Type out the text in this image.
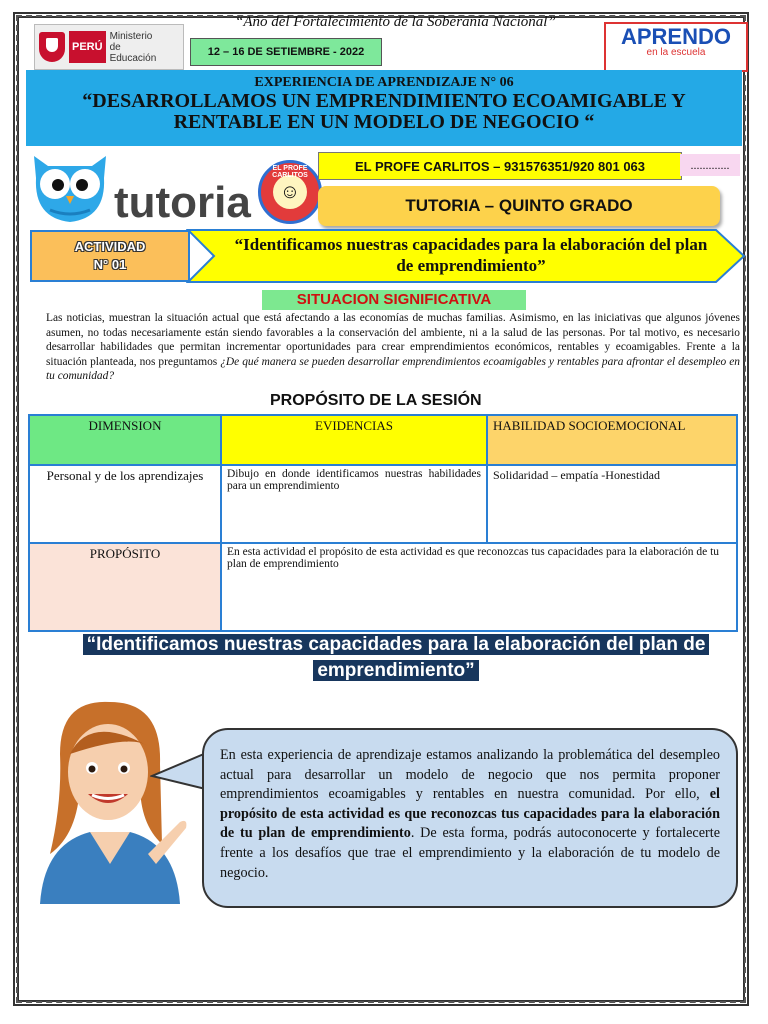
“Año del Fortalecimiento de la Soberanía Nacional”
PERÚ
Ministerio de Educación	12 – 16 DE SETIEMBRE - 2022
APRENDO
en la escuela
EXPERIENCIA DE APRENDIZAJE N° 06
“DESARROLLAMOS UN EMPRENDIMIENTO ECOAMIGABLE Y RENTABLE EN UN MODELO DE NEGOCIO “
tutoria
EL PROFE CARLITOS
☺
EL PROFE CARLITOS – 931576351/920 801 063	.............
TUTORIA – QUINTO GRADO
ACTIVIDAD
N° 01
“Identificamos nuestras capacidades para la elaboración del plan de emprendimiento”
SITUACION SIGNIFICATIVA
Las noticias, muestran la situación actual que está afectando a las economías de muchas familias. Asimismo, en las iniciativas que algunos jóvenes asumen, no todas necesariamente están siendo favorables a la conservación del ambiente, ni a la salud de las personas. Por tal motivo, es necesario desarrollar habilidades que permitan incrementar oportunidades para crear emprendimientos económicos, rentables y ecoamigables. Frente a la situación planteada, nos preguntamos ¿De qué manera se pueden desarrollar emprendimientos ecoamigables y rentables para afrontar el desempleo en tu comunidad?
PROPÓSITO DE LA SESIÓN
DIMENSION	EVIDENCIAS	HABILIDAD SOCIOEMOCIONAL
Personal y de los aprendizajes	Dibujo en donde identificamos nuestras habilidades para un emprendimiento	Solidaridad – empatía -Honestidad
PROPÓSITO	En esta actividad el propósito de esta actividad es que reconozcas tus capacidades para la elaboración de tu plan de emprendimiento	
“Identificamos nuestras capacidades para la elaboración del plan de emprendimiento”
En esta experiencia de aprendizaje estamos analizando la problemática del desempleo actual para desarrollar un modelo de negocio que nos permita proponer emprendimientos ecoamigables y rentables en nuestra comunidad. Por ello, el propósito de esta actividad es que reconozcas tus capacidades para la elaboración de tu plan de emprendimiento. De esta forma, podrás autoconocerte y fortalecerte frente a los desafíos que trae el emprendimiento y la elaboración de tu modelo de negocio.
